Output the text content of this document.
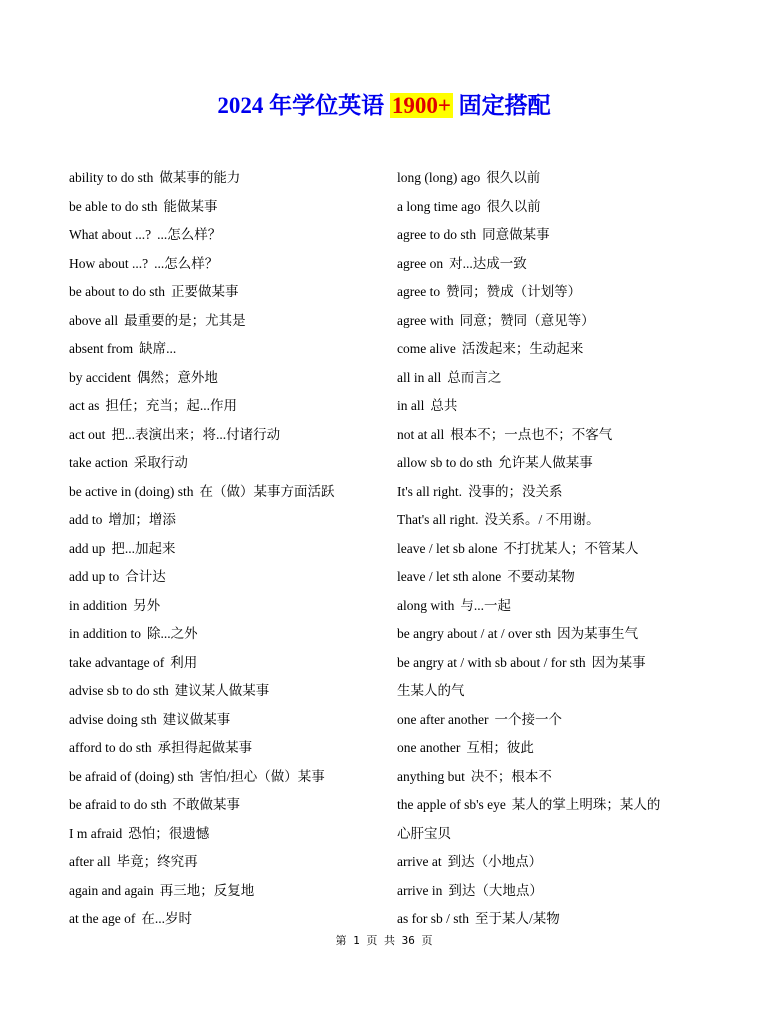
2024 年学位英语 1900+ 固定搭配
ability to do sth 做某事的能力
be able to do sth 能做某事
What about ...? ...怎么样？
How about ...? ...怎么样？
be about to do sth 正要做某事
above all 最重要的是；尤其是
absent from 缺席...
by accident 偶然；意外地
act as 担任；充当；起...作用
act out 把...表演出来；将...付诸行动
take action 采取行动
be active in (doing) sth 在（做）某事方面活跃
add to 增加；增添
add up 把...加起来
add up to 合计达
in addition 另外
in addition to 除...之外
take advantage of 利用
advise sb to do sth 建议某人做某事
advise doing sth 建议做某事
afford to do sth 承担得起做某事
be afraid of (doing) sth 害怕/担心（做）某事
be afraid to do sth 不敢做某事
I m afraid 恐怕；很遗憾
after all 毕竟；终究再
again and again 再三地；反复地
at the age of 在...岁时
long (long) ago 很久以前
a long time ago 很久以前
agree to do sth 同意做某事
agree on 对...达成一致
agree to 赞同；赞成（计划等）
agree with 同意；赞同（意见等）
come alive 活泼起来；生动起来
all in all 总而言之
in all 总共
not at all 根本不；一点也不；不客气
allow sb to do sth 允许某人做某事
It's all right. 没事的；没关系
That's all right. 没关系。/ 不用谢。
leave / let sb alone 不打扰某人；不管某人
leave / let sth alone 不要动某物
along with 与...一起
be angry about / at / over sth 因为某事生气
be angry at / with sb about / for sth 因为某事
生某人的气
one after another 一个接一个
one another 互相；彼此
anything but 决不；根本不
the apple of sb's eye 某人的掌上明珠；某人的
心肝宝贝
arrive at 到达（小地点）
arrive in 到达（大地点）
as for sb / sth 至于某人/某物
第 1 页 共 36 页
